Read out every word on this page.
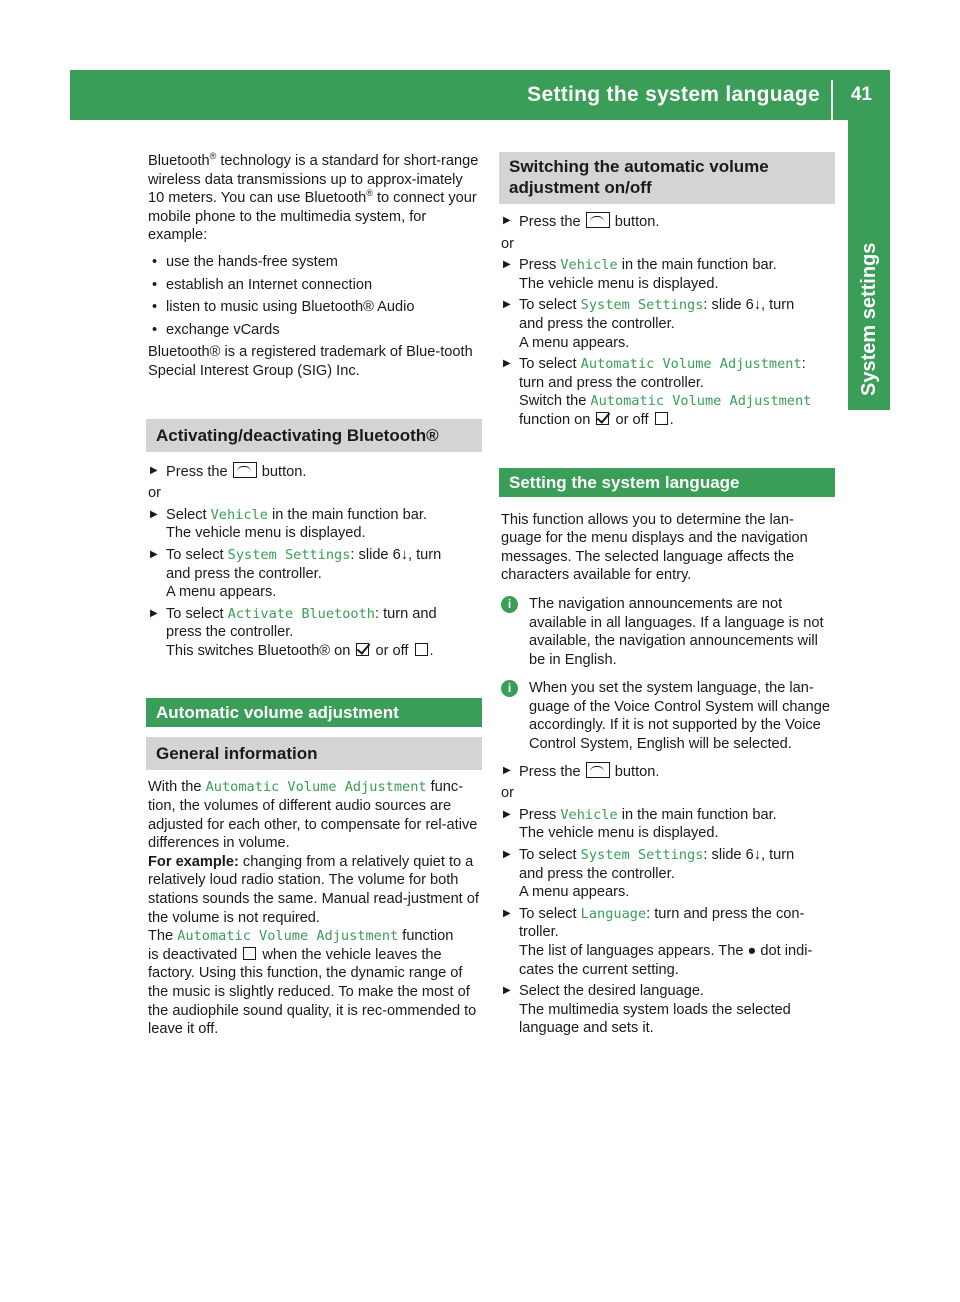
Setting the system language 41
System settings

Bluetooth® technology is a standard for short-range wireless data transmissions up to approx-imately 10 meters. You can use Bluetooth® to connect your mobile phone to the multimedia system, for example:

• use the hands-free system

• establish an Internet connection

• listen to music using Bluetooth® Audio

• exchange vCards

Bluetooth® is a registered trademark of Blue-tooth Special Interest Group (SIG) Inc.

Activating/deactivating Bluetooth®

▶ Press the button.

or

▶ Select Vehicle in the main function bar.
The vehicle menu is displayed.

▶ To select System Settings: slide 6↓, turn
and press the controller.
A menu appears.

▶ To select Activate Bluetooth: turn and
press the controller.
This switches Bluetooth® on or off .

Automatic volume adjustment
General information

With the Automatic Volume Adjustment func-tion, the volumes of different audio sources are adjusted for each other, to compensate for rel-ative differences in volume.

For example: changing from a relatively quiet to a relatively loud radio station. The volume for both stations sounds the same. Manual read-justment of the volume is not required.

The Automatic Volume Adjustment function
is deactivated when the vehicle leaves the factory. Using this function, the dynamic range of the music is slightly reduced. To make the most of the audiophile sound quality, it is rec-ommended to leave it off.

Switching the automatic volume adjustment on/off

▶ Press the button.

or

▶ Press Vehicle in the main function bar.
The vehicle menu is displayed.

▶ To select System Settings: slide 6↓, turn
and press the controller.
A menu appears.

▶ To select Automatic Volume Adjustment:
turn and press the controller.
Switch the Automatic Volume Adjustment
function on or off .

Setting the system language

This function allows you to determine the lan-guage for the menu displays and the navigation messages. The selected language affects the characters available for entry.

i	The navigation announcements are not available in all languages. If a language is not available, the navigation announcements will be in English.

i	When you set the system language, the lan-guage of the Voice Control System will change accordingly. If it is not supported by the Voice Control System, English will be selected.

▶ Press the button.

or

▶ Press Vehicle in the main function bar.
The vehicle menu is displayed.

▶ To select System Settings: slide 6↓, turn
and press the controller.
A menu appears.

▶ To select Language: turn and press the con-troller.
The list of languages appears. The ● dot indi-cates the current setting.

▶ Select the desired language.
The multimedia system loads the selected language and sets it.
